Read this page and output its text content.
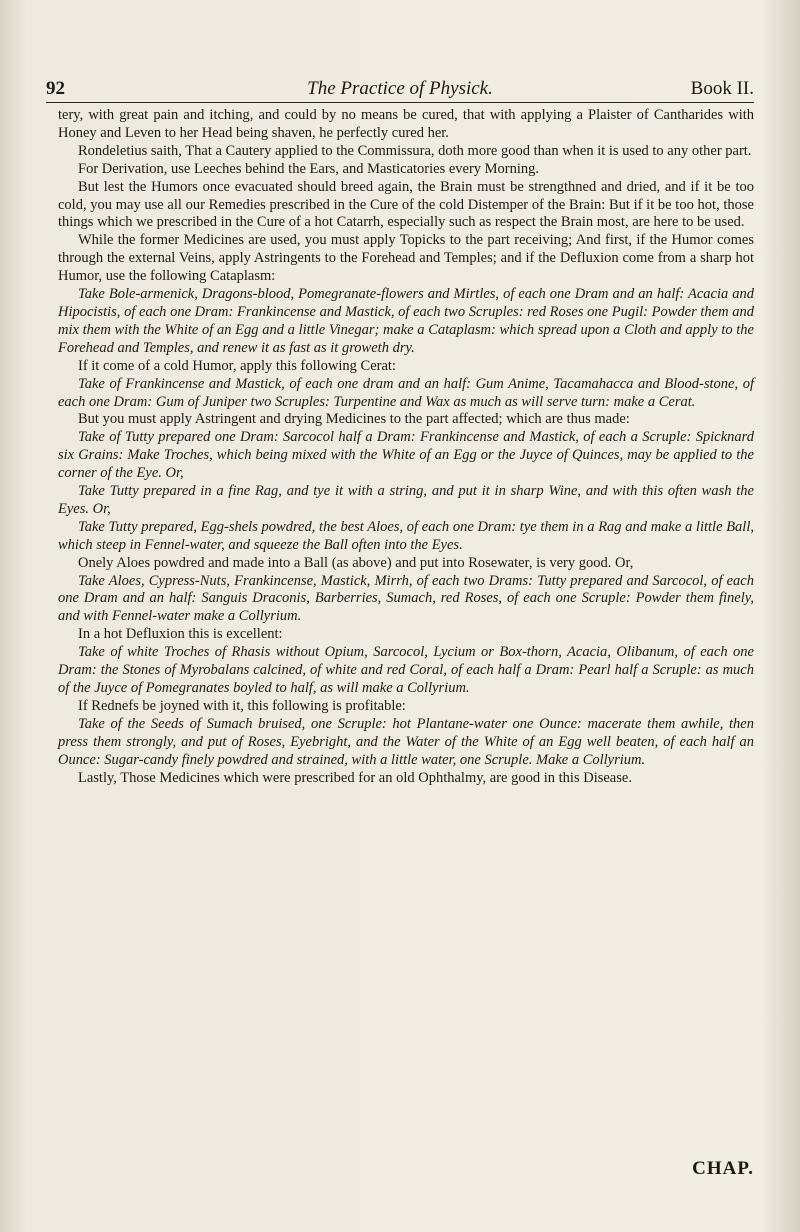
92	The Practice of Physick.	Book II.

tery, with great pain and itching, and could by no means be cured, that with applying a Plaister of Cantharides with Honey and Leven to her Head being shaven, he perfectly cured her.

Rondeletius saith, That a Cautery applied to the Commissura, doth more good than when it is used to any other part.

For Derivation, use Leeches behind the Ears, and Masticatories every Morning.

But lest the Humors once evacuated should breed again, the Brain must be strengthned and dried, and if it be too cold, you may use all our Remedies prescribed in the Cure of the cold Distemper of the Brain: But if it be too hot, those things which we prescribed in the Cure of a hot Catarrh, especially such as respect the Brain most, are here to be used.

While the former Medicines are used, you must apply Topicks to the part receiving; And first, if the Humor comes through the external Veins, apply Astringents to the Forehead and Temples; and if the Defluxion come from a sharp hot Humor, use the following Cataplasm:

Take Bole-armenick, Dragons-blood, Pomegranate-flowers and Mirtles, of each one Dram and an half: Acacia and Hipocistis, of each one Dram: Frankincense and Mastick, of each two Scruples: red Roses one Pugil: Powder them and mix them with the White of an Egg and a little Vinegar; make a Cataplasm: which spread upon a Cloth and apply to the Forehead and Temples, and renew it as fast as it groweth dry.

If it come of a cold Humor, apply this following Cerat:

Take of Frankincense and Mastick, of each one dram and an half: Gum Anime, Tacamahacca and Blood-stone, of each one Dram: Gum of Juniper two Scruples: Turpentine and Wax as much as will serve turn: make a Cerat.

But you must apply Astringent and drying Medicines to the part affected; which are thus made:

Take of Tutty prepared one Dram: Sarcocol half a Dram: Frankincense and Mastick, of each a Scruple: Spicknard six Grains: Make Troches, which being mixed with the White of an Egg or the Juyce of Quinces, may be applied to the corner of the Eye. Or,

Take Tutty prepared in a fine Rag, and tye it with a string, and put it in sharp Wine, and with this often wash the Eyes. Or,

Take Tutty prepared, Egg-shels powdred, the best Aloes, of each one Dram: tye them in a Rag and make a little Ball, which steep in Fennel-water, and squeeze the Ball often into the Eyes.

Onely Aloes powdred and made into a Ball (as above) and put into Rosewater, is very good. Or,

Take Aloes, Cypress-Nuts, Frankincense, Mastick, Mirrh, of each two Drams: Tutty prepared and Sarcocol, of each one Dram and an half: Sanguis Draconis, Barberries, Sumach, red Roses, of each one Scruple: Powder them finely, and with Fennel-water make a Collyrium.

In a hot Defluxion this is excellent:

Take of white Troches of Rhasis without Opium, Sarcocol, Lycium or Box-thorn, Acacia, Olibanum, of each one Dram: the Stones of Myrobalans calcined, of white and red Coral, of each half a Dram: Pearl half a Scruple: as much of the Juyce of Pomegranates boyled to half, as will make a Collyrium.

If Rednefs be joyned with it, this following is profitable:

Take of the Seeds of Sumach bruised, one Scruple: hot Plantane-water one Ounce: macerate them awhile, then press them strongly, and put of Roses, Eyebright, and the Water of the White of an Egg well beaten, of each half an Ounce: Sugar-candy finely powdred and strained, with a little water, one Scruple. Make a Collyrium.

Lastly, Those Medicines which were prescribed for an old Ophthalmy, are good in this Disease.

CHAP.
